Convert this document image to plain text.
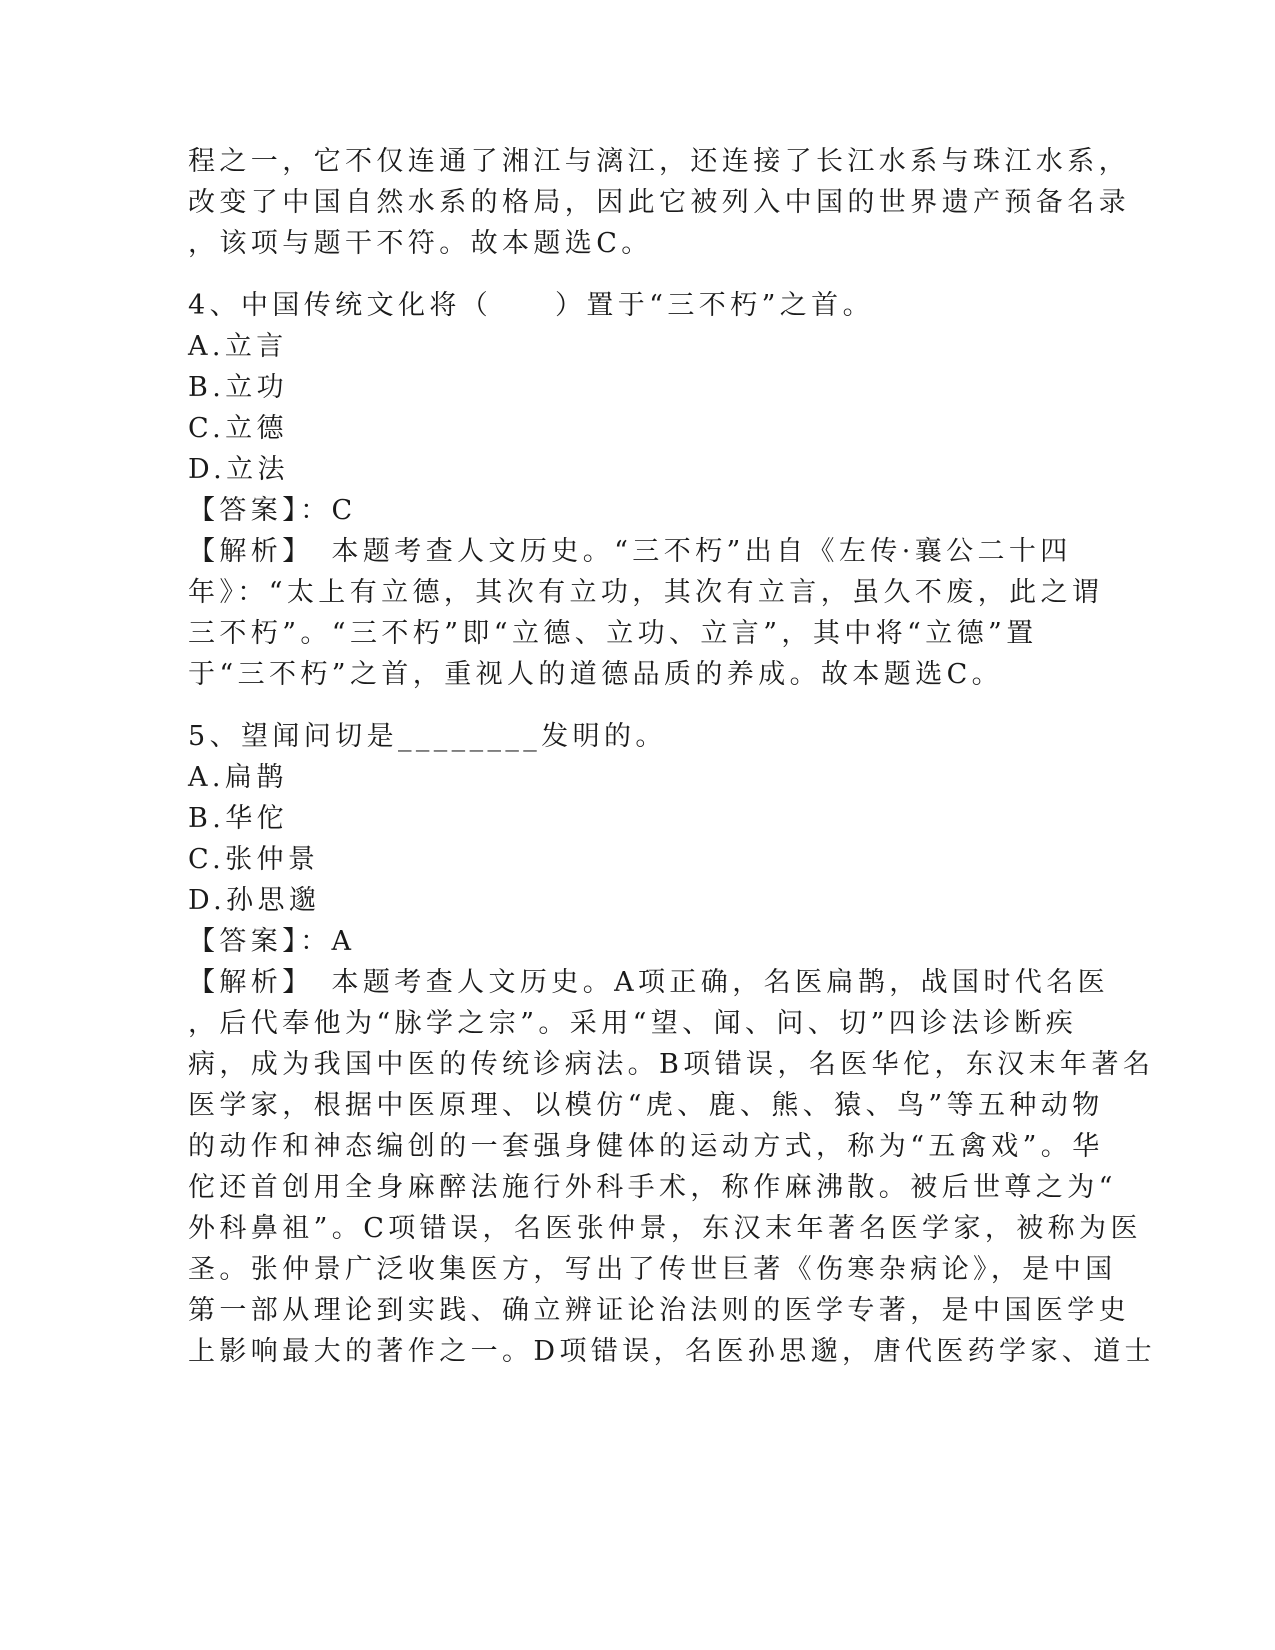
程之一，它不仅连通了湘江与漓江，还连接了长江水系与珠江水系，
改变了中国自然水系的格局，因此它被列入中国的世界遗产预备名录
，该项与题干不符。故本题选C。
4、中国传统文化将（　　）置于“三不朽”之首。
A.立言
B.立功
C.立德
D.立法
【答案】：C
【解析】　本题考查人文历史。“三不朽”出自《左传·襄公二十四
年》：“太上有立德，其次有立功，其次有立言，虽久不废，此之谓
三不朽”。“三不朽”即“立德、立功、立言”，其中将“立德”置
于“三不朽”之首，重视人的道德品质的养成。故本题选C。
5、望闻问切是________发明的。
A.扁鹊
B.华佗
C.张仲景
D.孙思邈
【答案】：A
【解析】　本题考查人文历史。A项正确，名医扁鹊，战国时代名医
，后代奉他为“脉学之宗”。采用“望、闻、问、切”四诊法诊断疾
病，成为我国中医的传统诊病法。B项错误，名医华佗，东汉末年著名
医学家，根据中医原理、以模仿“虎、鹿、熊、猿、鸟”等五种动物
的动作和神态编创的一套强身健体的运动方式，称为“五禽戏”。华
佗还首创用全身麻醉法施行外科手术，称作麻沸散。被后世尊之为“
外科鼻祖”。C项错误，名医张仲景，东汉末年著名医学家，被称为医
圣。张仲景广泛收集医方，写出了传世巨著《伤寒杂病论》，是中国
第一部从理论到实践、确立辨证论治法则的医学专著，是中国医学史
上影响最大的著作之一。D项错误，名医孙思邈，唐代医药学家、道士
